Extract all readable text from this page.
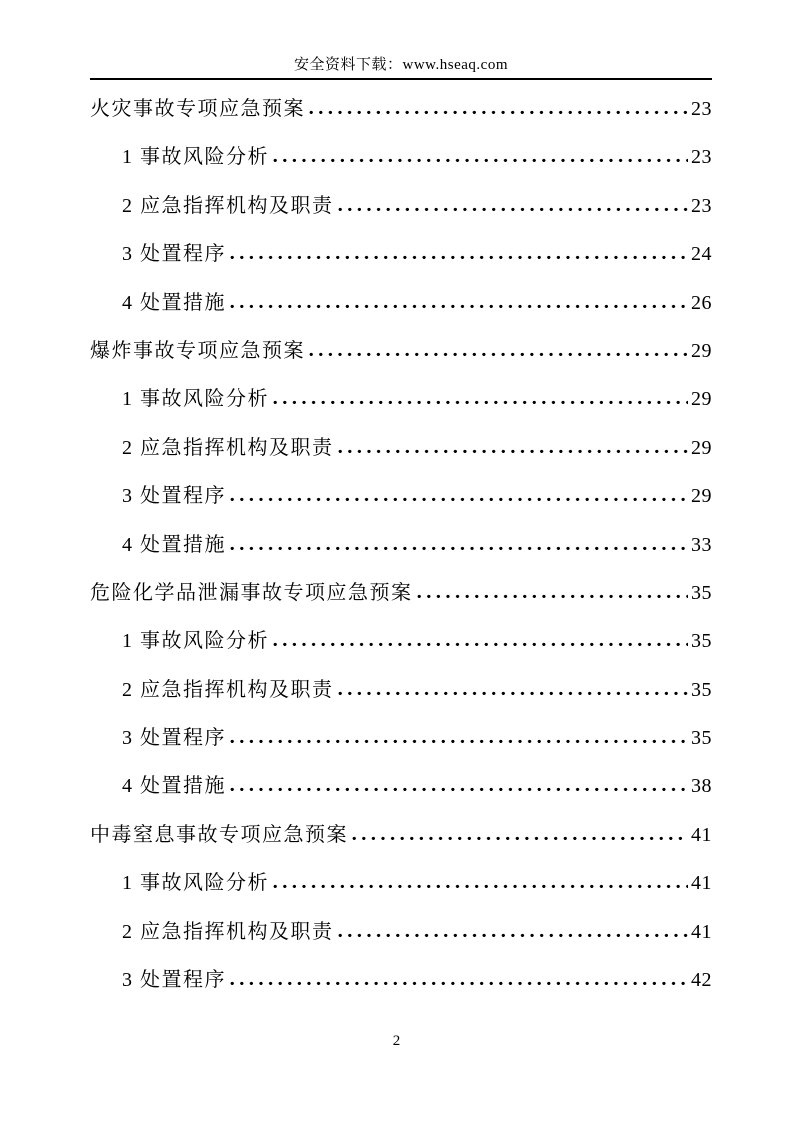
安全资料下载：www.hseaq.com
火灾事故专项应急预案	23
1 事故风险分析	23
2 应急指挥机构及职责	23
3 处置程序	24
4 处置措施	26
爆炸事故专项应急预案	29
1 事故风险分析	29
2 应急指挥机构及职责	29
3 处置程序	29
4 处置措施	33
危险化学品泄漏事故专项应急预案	35
1 事故风险分析	35
2 应急指挥机构及职责	35
3 处置程序	35
4 处置措施	38
中毒窒息事故专项应急预案	41
1 事故风险分析	41
2 应急指挥机构及职责	41
3 处置程序	42
2
